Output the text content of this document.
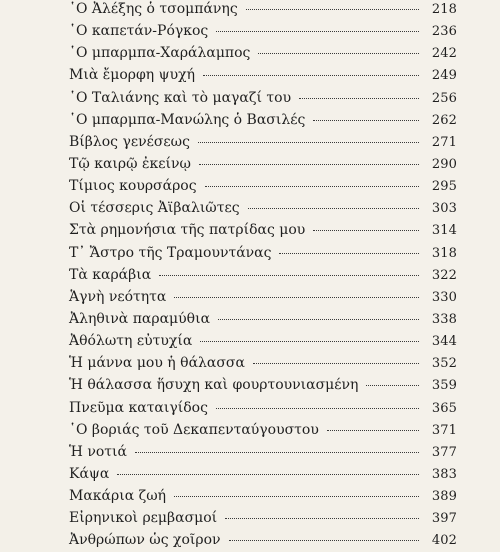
῾Ο Ἀλέξης ὁ τσομπάνης	218
῾Ο καπετάν-Ρόγκος	236
῾Ο μπαρμπα-Χαράλαμπος	242
Μιὰ ἔμορφη ψυχή	249
῾Ο Ταλιάνης καὶ τὸ μαγαζί του	256
῾Ο μπαρμπα-Μανώλης ὁ Βασιλές	262
Βίβλος γενέσεως	271
Τῷ καιρῷ ἐκείνῳ	290
Τίμιος κουρσάρος	295
Οἱ τέσσερις Ἀϊβαλιῶτες	303
Στὰ ρημονήσια τῆς πατρίδας μου	314
Τ᾿ Ἄστρο τῆς Τραμουντάνας	318
Τὰ καράβια	322
Ἁγνὴ νεότητα	330
Ἀληθινὰ παραμύθια	338
Ἀθόλωτη εὐτυχία	344
Ἡ μάννα μου ἡ θάλασσα	352
Ἡ θάλασσα ἥσυχη καὶ φουρτουνιασμένη	359
Πνεῦμα καταιγίδος	365
῾Ο βοριάς τοῦ Δεκαπενταύγουστου	371
Ἡ νοτιά	377
Κάψα	383
Μακάρια ζωή	389
Εἰρηνικοὶ ρεμβασμοί	397
Ἀνθρώπων ὡς χοῖρον	402
